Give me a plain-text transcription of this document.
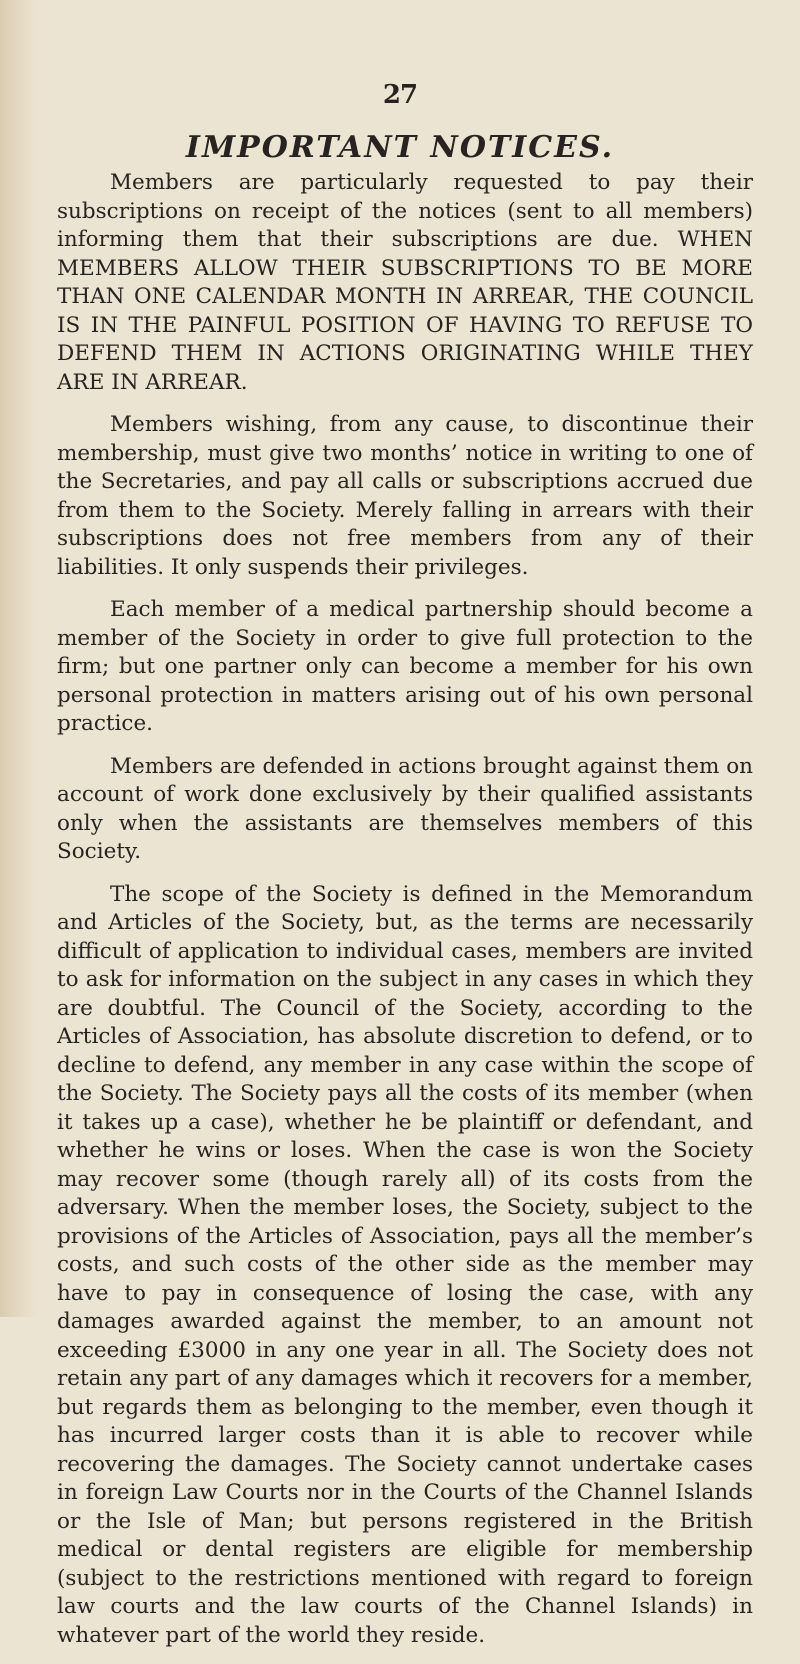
27
IMPORTANT NOTICES.

Members are particularly requested to pay their subscriptions on receipt of the notices (sent to all members) informing them that their subscriptions are due. WHEN MEMBERS ALLOW THEIR SUBSCRIPTIONS TO BE MORE THAN ONE CALENDAR MONTH IN ARREAR, THE COUNCIL IS IN THE PAINFUL POSITION OF HAVING TO REFUSE TO DEFEND THEM IN ACTIONS ORIGINATING WHILE THEY ARE IN ARREAR.

Members wishing, from any cause, to discontinue their membership, must give two months’ notice in writing to one of the Secretaries, and pay all calls or subscriptions accrued due from them to the Society. Merely falling in arrears with their subscriptions does not free members from any of their liabilities. It only suspends their privileges.

Each member of a medical partnership should become a member of the Society in order to give full protection to the firm; but one partner only can become a member for his own personal protection in matters arising out of his own personal practice.

Members are defended in actions brought against them on account of work done exclusively by their qualified assistants only when the assistants are themselves members of this Society.

The scope of the Society is defined in the Memorandum and Articles of the Society, but, as the terms are necessarily difficult of application to individual cases, members are invited to ask for information on the subject in any cases in which they are doubtful. The Council of the Society, according to the Articles of Association, has absolute discretion to defend, or to decline to defend, any member in any case within the scope of the Society. The Society pays all the costs of its member (when it takes up a case), whether he be plaintiff or defendant, and whether he wins or loses. When the case is won the Society may recover some (though rarely all) of its costs from the adversary. When the member loses, the Society, subject to the provisions of the Articles of Association, pays all the member’s costs, and such costs of the other side as the member may have to pay in consequence of losing the case, with any damages awarded against the member, to an amount not exceeding £3000 in any one year in all. The Society does not retain any part of any damages which it recovers for a member, but regards them as belonging to the member, even though it has incurred larger costs than it is able to recover while recovering the damages. The Society cannot undertake cases in foreign Law Courts nor in the Courts of the Channel Islands or the Isle of Man; but persons registered in the British medical or dental registers are eligible for membership (subject to the restrictions mentioned with regard to foreign law courts and the law courts of the Channel Islands) in whatever part of the world they reside.
